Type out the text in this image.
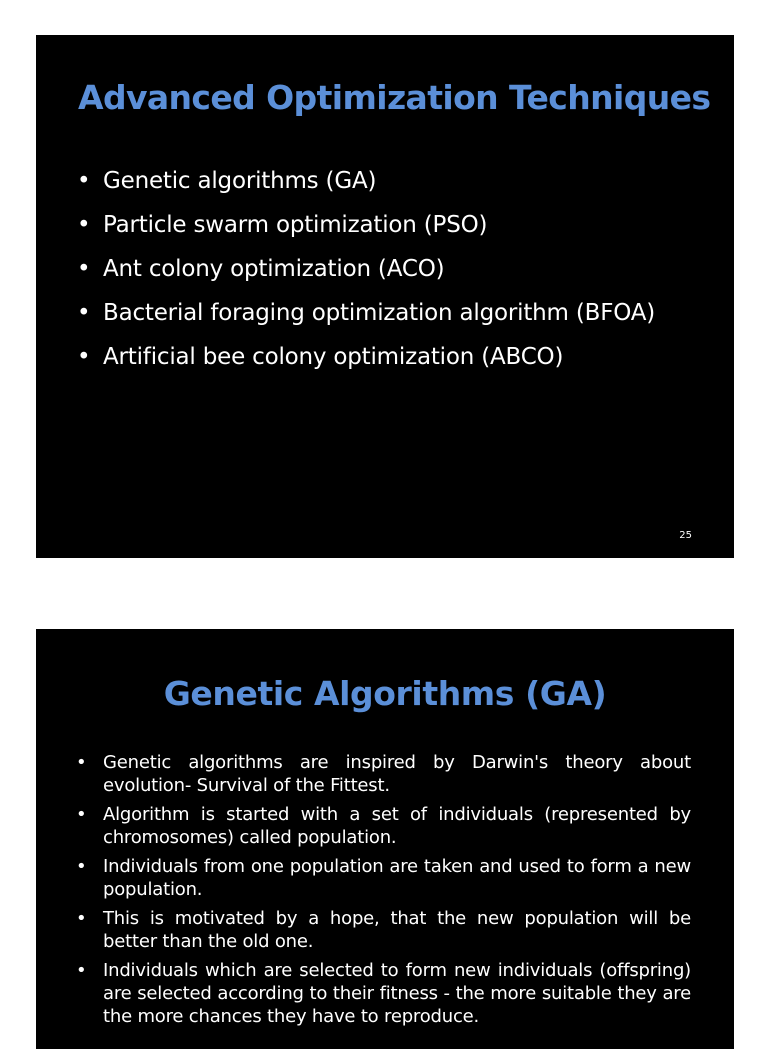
Advanced Optimization Techniques
• Genetic algorithms (GA)
• Particle swarm optimization (PSO)
• Ant colony optimization (ACO)
• Bacterial foraging optimization algorithm (BFOA)
• Artificial bee colony optimization (ABCO)
25
Genetic Algorithms (GA)
• Genetic algorithms are inspired by Darwin's theory about evolution- Survival of the Fittest.
• Algorithm is started with a set of individuals (represented by chromosomes) called population.
• Individuals from one population are taken and used to form a new population.
• This is motivated by a hope, that the new population will be better than the old one.
• Individuals which are selected to form new individuals (offspring) are selected according to their fitness - the more suitable they are the more chances they have to reproduce.
